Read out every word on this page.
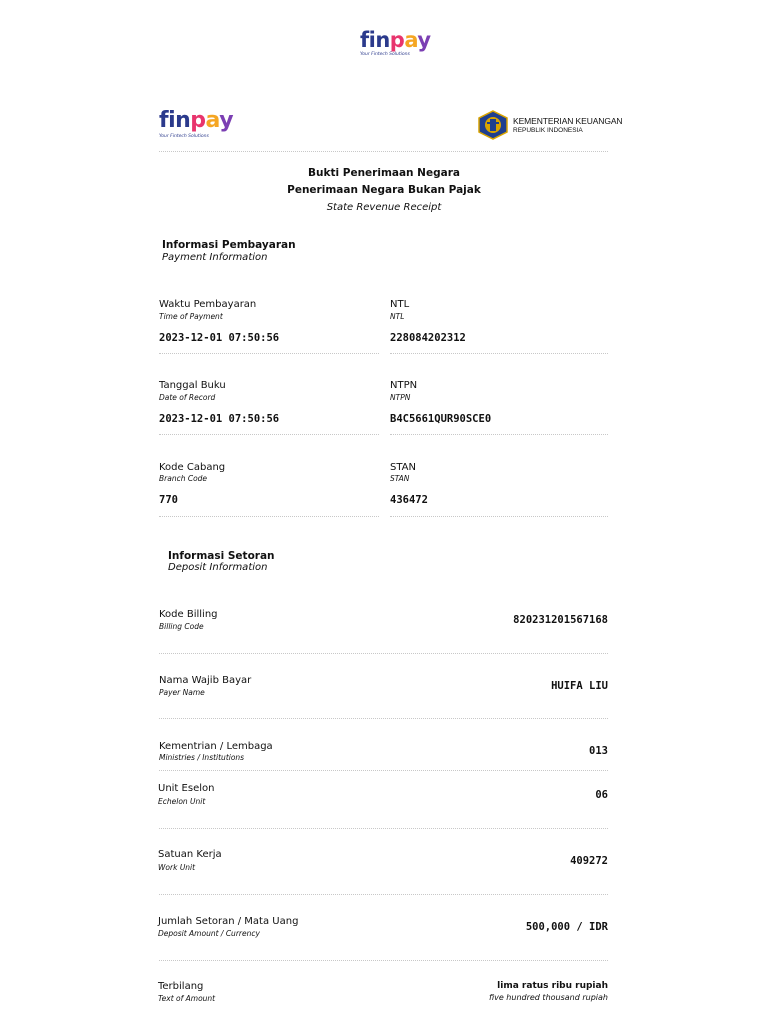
finpay
Your Fintech Solutions
finpay
Your Fintech Solutions
KEMENTERIAN KEUANGAN
REPUBLIK INDONESIA
Bukti Penerimaan Negara
Penerimaan Negara Bukan Pajak
State Revenue Receipt
Informasi Pembayaran
Payment Information
Waktu Pembayaran
Time of Payment
2023-12-01 07:50:56
NTL
NTL
228084202312
Tanggal Buku
Date of Record
2023-12-01 07:50:56
NTPN
NTPN
B4C5661QUR90SCE0
Kode Cabang
Branch Code
770
STAN
STAN
436472
Informasi Setoran
Deposit Information
Kode Billing
Billing Code
820231201567168
Nama Wajib Bayar
Payer Name
HUIFA LIU
Kementrian / Lembaga
Ministries / Institutions
013
Unit Eselon
Echelon Unit
06
Satuan Kerja
Work Unit
409272
Jumlah Setoran / Mata Uang
Deposit Amount / Currency
500,000 / IDR
Terbilang
Text of Amount
lima ratus ribu rupiah
five hundred thousand rupiah
